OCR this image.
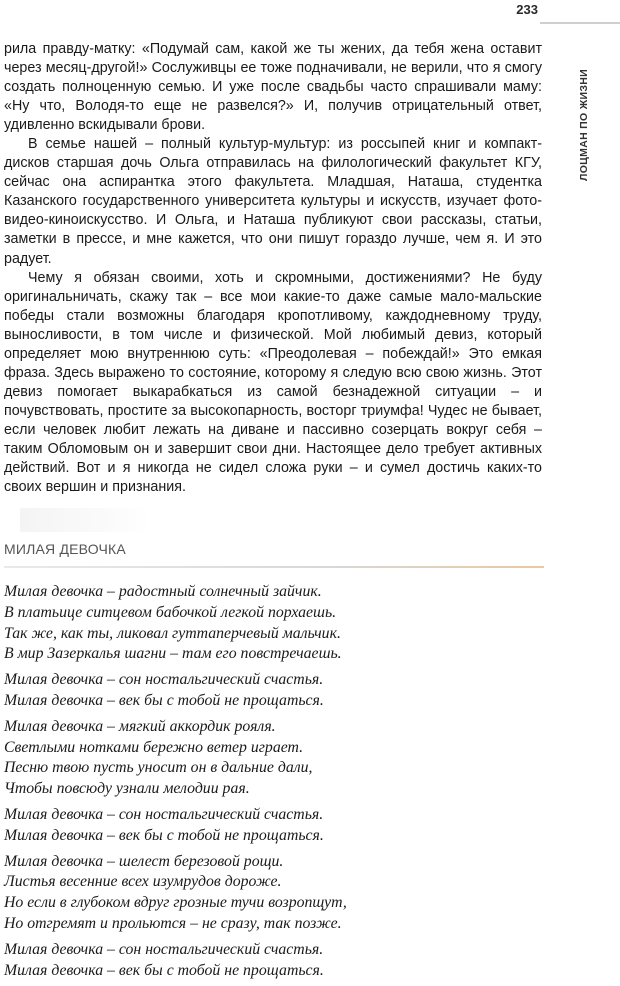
233
ЛОЦМАН ПО ЖИЗНИ

рила правду-матку: «Подумай сам, какой же ты жених, да тебя жена оставит через месяц-другой!» Сослуживцы ее тоже подначивали, не верили, что я смогу создать полноценную семью. И уже после свадьбы часто спрашивали маму: «Ну что, Володя-то еще не развелся?» И, получив отрицательный ответ, удивленно вскидывали брови.

В семье нашей – полный культур-мультур: из россыпей книг и компакт-дисков старшая дочь Ольга отправилась на филологический факультет КГУ, сейчас она аспирантка этого факультета. Младшая, Наташа, студентка Казанского государственного университета культуры и искусств, изучает фото-видео-киноискусство. И Ольга, и Наташа публикуют свои рассказы, статьи, заметки в прессе, и мне кажется, что они пишут гораздо лучше, чем я. И это радует.

Чему я обязан своими, хоть и скромными, достижениями? Не буду оригинальничать, скажу так – все мои какие-то даже самые мало-мальские победы стали возможны благодаря кропотливому, каждодневному труду, выносливости, в том числе и физической. Мой любимый девиз, который определяет мою внутреннюю суть: «Преодолевая – побеждай!» Это емкая фраза. Здесь выражено то состояние, которому я следую всю свою жизнь. Этот девиз помогает выкарабкаться из самой безнадежной ситуации – и почувствовать, простите за высокопарность, восторг триумфа! Чудес не бывает, если человек любит лежать на диване и пассивно созерцать вокруг себя – таким Обломовым он и завершит свои дни. Настоящее дело требует активных действий. Вот и я никогда не сидел сложа руки – и сумел достичь каких-то своих вершин и признания.

МИЛАЯ ДЕВОЧКА
Милая девочка – радостный солнечный зайчик.
В платьице ситцевом бабочкой легкой порхаешь.
Так же, как ты, ликовал гуттаперчевый мальчик.
В мир Зазеркалья шагни – там его повстречаешь.
Милая девочка – сон ностальгический счастья.
Милая девочка – век бы с тобой не прощаться.
Милая девочка – мягкий аккордик рояля.
Светлыми нотками бережно ветер играет.
Песню твою пусть уносит он в дальние дали,
Чтобы повсюду узнали мелодии рая.
Милая девочка – сон ностальгический счастья.
Милая девочка – век бы с тобой не прощаться.
Милая девочка – шелест березовой рощи.
Листья весенние всех изумрудов дороже.
Но если в глубоком вдруг грозные тучи возропщут,
Но отгремят и прольются – не сразу, так позже.
Милая девочка – сон ностальгический счастья.
Милая девочка – век бы с тобой не прощаться.
